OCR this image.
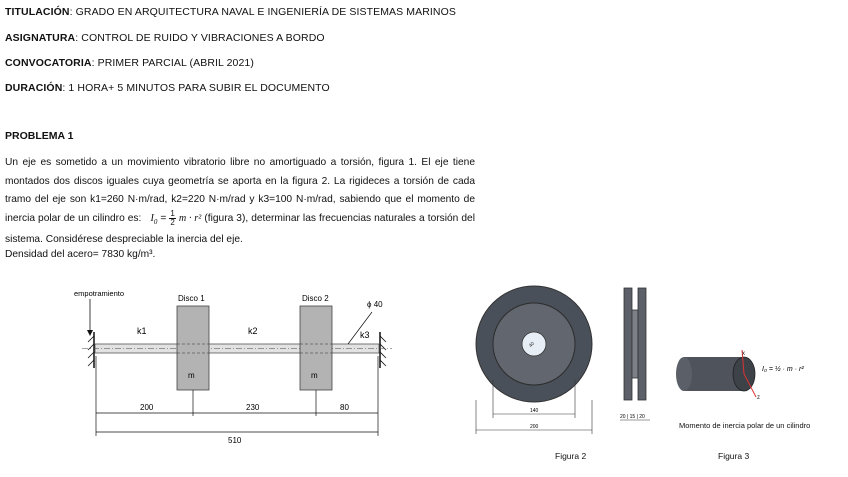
TITULACIÓN: GRADO EN ARQUITECTURA NAVAL E INGENIERÍA DE SISTEMAS MARINOS
ASIGNATURA: CONTROL DE RUIDO Y VIBRACIONES A BORDO
CONVOCATORIA: PRIMER PARCIAL (ABRIL 2021)
DURACIÓN: 1 HORA+ 5 MINUTOS PARA SUBIR EL DOCUMENTO
PROBLEMA 1
Un eje es sometido a un movimiento vibratorio libre no amortiguado a torsión, figura 1. El eje tiene montados dos discos iguales cuya geometría se aporta en la figura 2. La rigideces a torsión de cada tramo del eje son k1=260 N·m/rad, k2=220 N·m/rad y k3=100 N·m/rad, sabiendo que el momento de inercia polar de un cilindro es: $I_0 = \frac{1}{2}$ m · r² (figura 3), determinar las frecuencias naturales a torsión del sistema. Considérese despreciable la inercia del eje.
Densidad del acero= 7830 kg/m³.
empotramiento
Disco 1	Disco 2
ϕ 40
k1	k2	k3
m	m
200	230	80
510
40
140
200
20 | 15 | 20
Figura 2
x
z
I₀ = ½ · m · r²
Momento de inercia polar de un cilindro
Figura 3
